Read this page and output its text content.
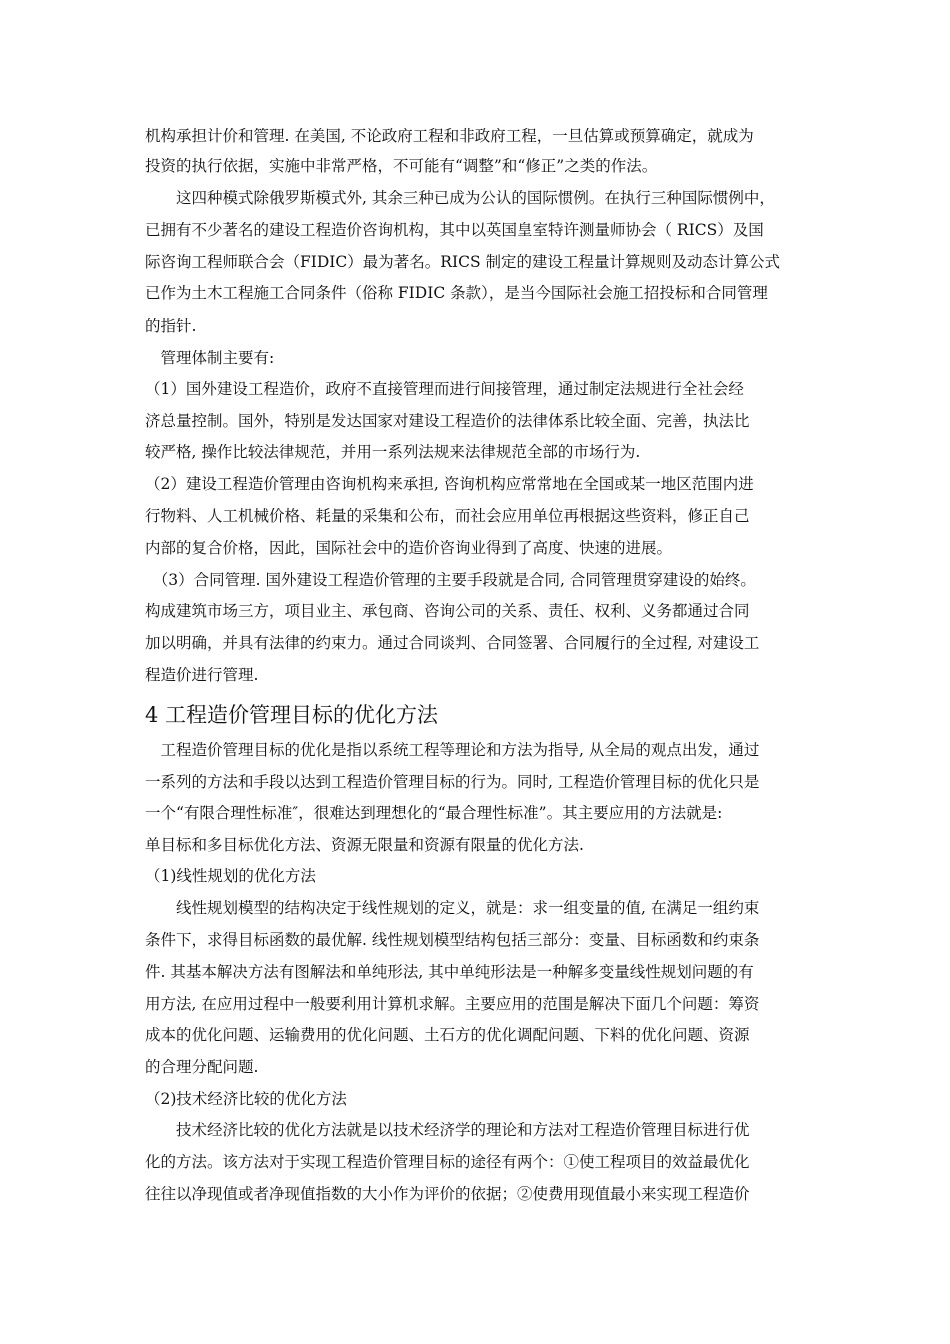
机构承担计价和管理. 在美国, 不论政府工程和非政府工程，一旦估算或预算确定，就成为
投资的执行依据，实施中非常严格，不可能有“调整”和“修正”之类的作法。
　　这四种模式除俄罗斯模式外, 其余三种已成为公认的国际惯例。在执行三种国际惯例中，
已拥有不少著名的建设工程造价咨询机构，其中以英国皇室特许测量师协会（ RICS）及国
际咨询工程师联合会（FIDIC）最为著名。RICS 制定的建设工程量计算规则及动态计算公式
已作为土木工程施工合同条件（俗称 FIDIC 条款），是当今国际社会施工招投标和合同管理
的指针.
　管理体制主要有:
（1）国外建设工程造价，政府不直接管理而进行间接管理，通过制定法规进行全社会经
济总量控制。国外，特别是发达国家对建设工程造价的法律体系比较全面、完善，执法比
较严格, 操作比较法律规范，并用一系列法规来法律规范全部的市场行为.
（2）建设工程造价管理由咨询机构来承担, 咨询机构应常常地在全国或某一地区范围内进
行物料、人工机械价格、耗量的采集和公布，而社会应用单位再根据这些资料，修正自己
内部的复合价格，因此，国际社会中的造价咨询业得到了高度、快速的进展。
　（3）合同管理. 国外建设工程造价管理的主要手段就是合同, 合同管理贯穿建设的始终。
构成建筑市场三方，项目业主、承包商、咨询公司的关系、责任、权利、义务都通过合同
加以明确，并具有法律的约束力。通过合同谈判、合同签署、合同履行的全过程, 对建设工
程造价进行管理.
4 工程造价管理目标的优化方法
　工程造价管理目标的优化是指以系统工程等理论和方法为指导, 从全局的观点出发，通过
一系列的方法和手段以达到工程造价管理目标的行为。同时, 工程造价管理目标的优化只是
一个“有限合理性标准″，很难达到理想化的“最合理性标准”。其主要应用的方法就是:
单目标和多目标优化方法、资源无限量和资源有限量的优化方法.
（1)线性规划的优化方法
　　线性规划模型的结构决定于线性规划的定义，就是：求一组变量的值, 在满足一组约束
条件下，求得目标函数的最优解. 线性规划模型结构包括三部分：变量、目标函数和约束条
件. 其基本解决方法有图解法和单纯形法, 其中单纯形法是一种解多变量线性规划问题的有
用方法, 在应用过程中一般要利用计算机求解。主要应用的范围是解决下面几个问题：筹资
成本的优化问题、运输费用的优化问题、土石方的优化调配问题、下料的优化问题、资源
的合理分配问题.
（2)技术经济比较的优化方法
　　技术经济比较的优化方法就是以技术经济学的理论和方法对工程造价管理目标进行优
化的方法。该方法对于实现工程造价管理目标的途径有两个：①使工程项目的效益最优化
往往以净现值或者净现值指数的大小作为评价的依据；②使费用现值最小来实现工程造价
